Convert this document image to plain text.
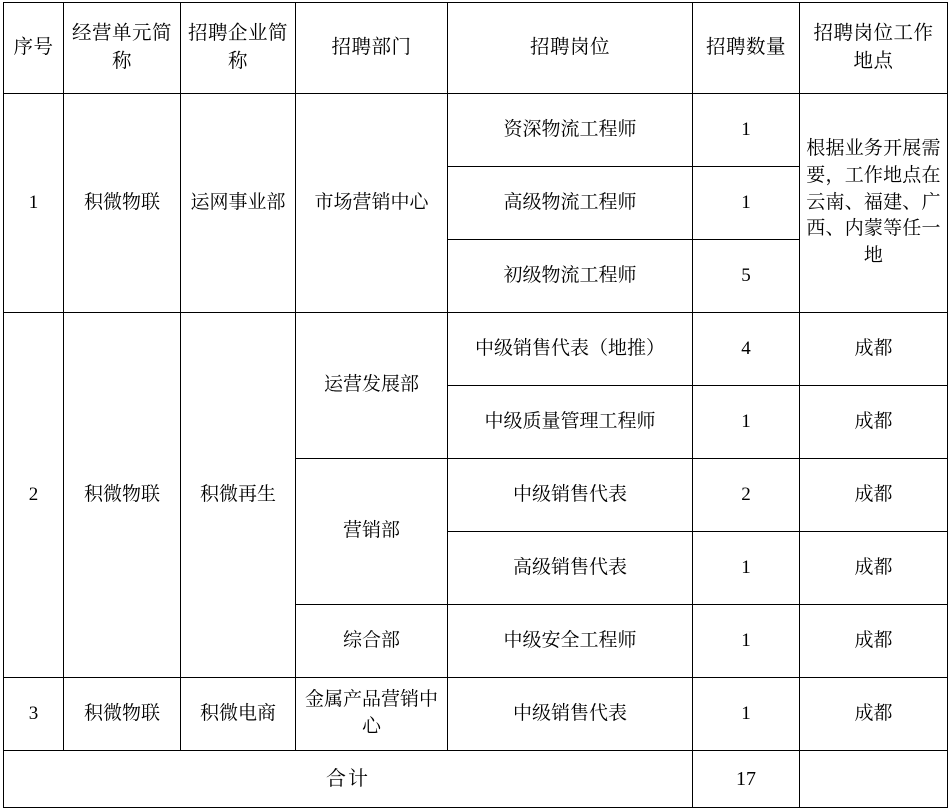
序号	经营单元简称	招聘企业简称	招聘部门	招聘岗位	招聘数量	招聘岗位工作地点
1	积微物联	运网事业部	市场营销中心	资深物流工程师	1	根据业务开展需要，工作地点在云南、福建、广西、内蒙等任一地
				高级物流工程师	1	
				初级物流工程师	5	
2	积微物联	积微再生	运营发展部	中级销售代表（地推）	4	成都
				中级质量管理工程师	1	成都
			营销部	中级销售代表	2	成都
				高级销售代表	1	成都
			综合部	中级安全工程师	1	成都
3	积微物联	积微电商	金属产品营销中心	中级销售代表	1	成都
合计					17	
